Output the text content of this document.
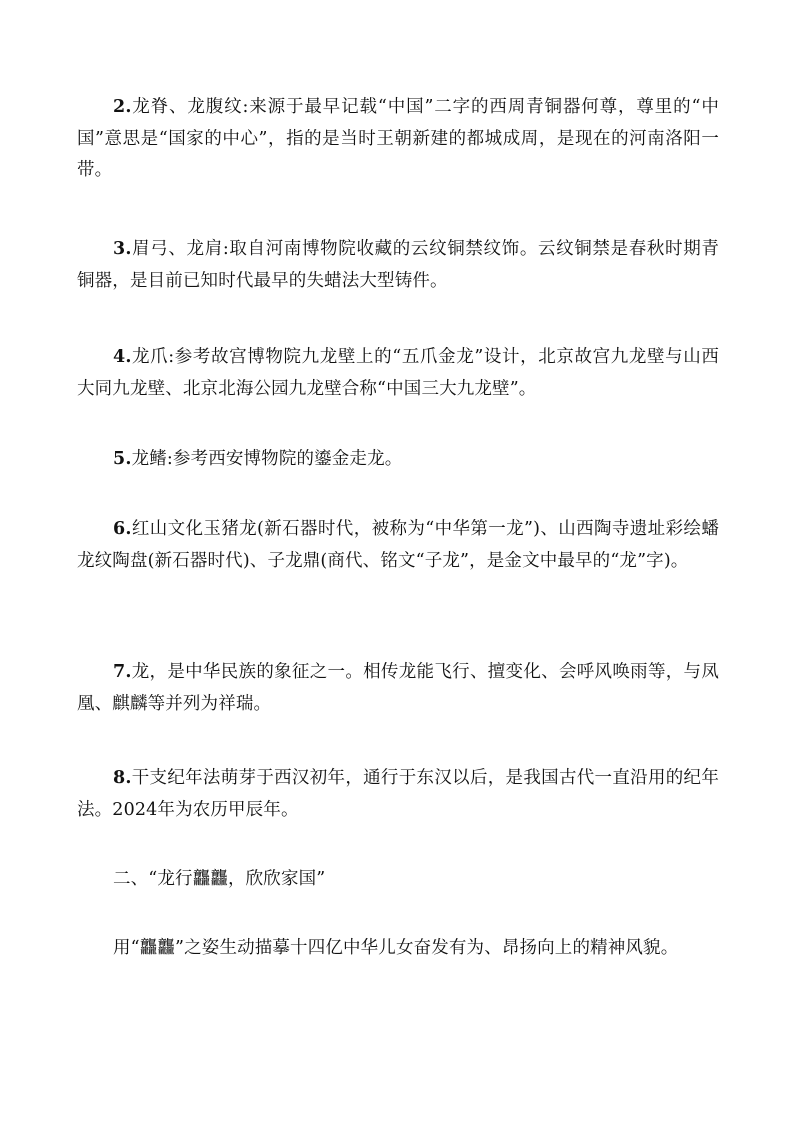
2.龙脊、龙腹纹:来源于最早记载“中国”二字的西周青铜器何尊，尊里的“中国”意思是“国家的中心”，指的是当时王朝新建的都城成周，是现在的河南洛阳一带。

3.眉弓、龙肩:取自河南博物院收藏的云纹铜禁纹饰。云纹铜禁是春秋时期青铜器，是目前已知时代最早的失蜡法大型铸件。

4.龙爪:参考故宫博物院九龙壁上的“五爪金龙”设计，北京故宫九龙壁与山西大同九龙壁、北京北海公园九龙壁合称“中国三大九龙壁”。

5.龙鳍:参考西安博物院的鎏金走龙。

6.红山文化玉猪龙(新石器时代，被称为“中华第一龙”)、山西陶寺遗址彩绘蟠龙纹陶盘(新石器时代)、子龙鼎(商代、铭文“子龙”，是金文中最早的“龙”字)。

7.龙，是中华民族的象征之一。相传龙能飞行、擅变化、会呼风唤雨等，与凤凰、麒麟等并列为祥瑞。

8.干支纪年法萌芽于西汉初年，通行于东汉以后，是我国古代一直沿用的纪年法。2024年为农历甲辰年。

二、“龙行龘龘，欣欣家国”

用“龘龘”之姿生动描摹十四亿中华儿女奋发有为、昂扬向上的精神风貌。
